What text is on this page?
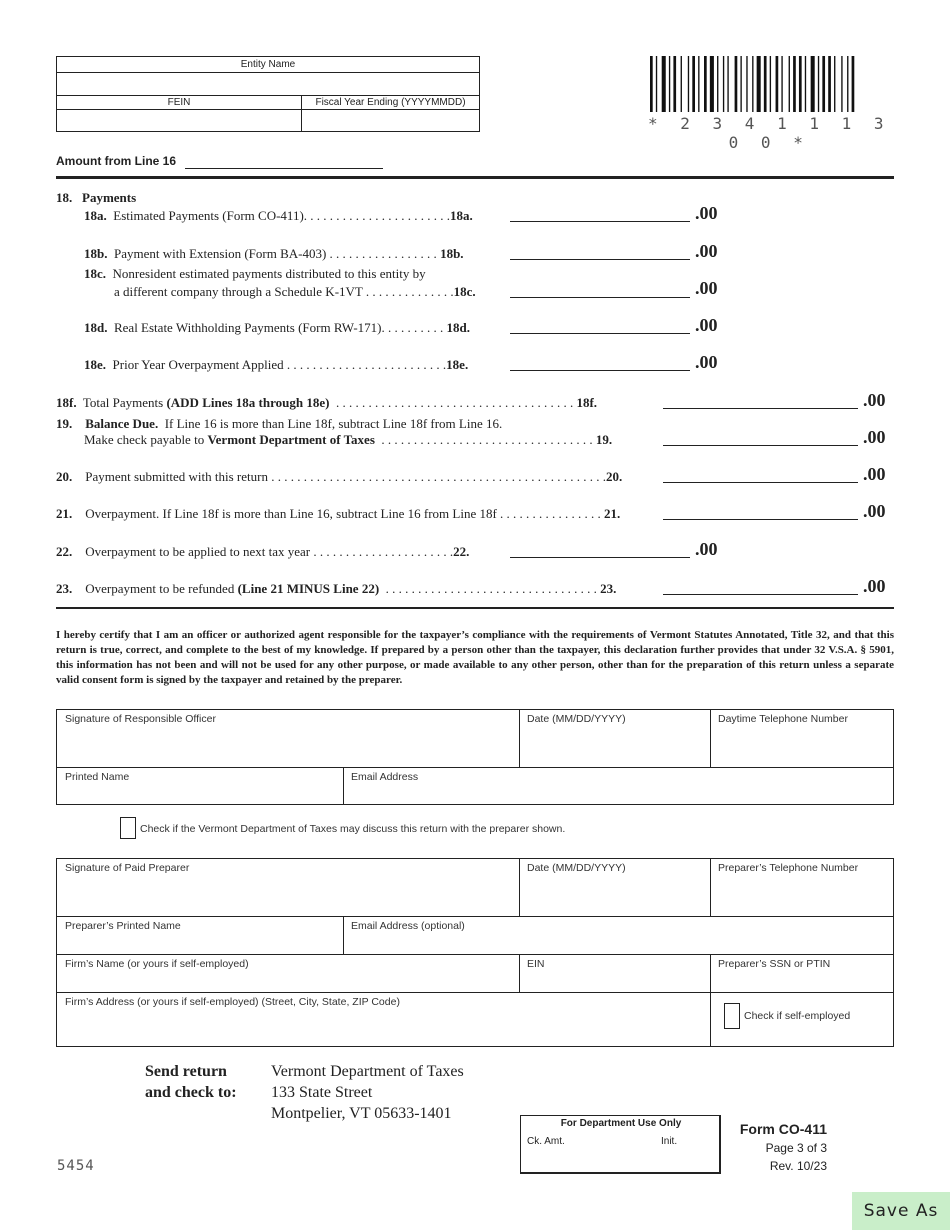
Entity Name
FEIN	Fiscal Year Ending (YYYYMMDD)
* 2 3 4 1 1 1 3 0 0 *
Amount from Line 16
18. Payments
18a. Estimated Payments (Form CO-411). . . . . . . . . . . . . . . . . . . . . . .18a.	.00
18b. Payment with Extension (Form BA-403) . . . . . . . . . . . . . . . . . 18b.	.00
18c. Nonresident estimated payments distributed to this entity by
a different company through a Schedule K-1VT . . . . . . . . . . . . . .18c.	.00
18d. Real Estate Withholding Payments (Form RW-171). . . . . . . . . . 18d.	.00
18e. Prior Year Overpayment Applied . . . . . . . . . . . . . . . . . . . . . . . . .18e.	.00
18f. Total Payments (ADD Lines 18a through 18e) . . . . . . . . . . . . . . . . . . . . . . . . . . . . . . . . . . . . . 18f.	.00
19. Balance Due. If Line 16 is more than Line 18f, subtract Line 18f from Line 16.
Make check payable to Vermont Department of Taxes . . . . . . . . . . . . . . . . . . . . . . . . . . . . . . . . . 19.	.00
20. Payment submitted with this return . . . . . . . . . . . . . . . . . . . . . . . . . . . . . . . . . . . . . . . . . . . . . . . . . . . .20.	.00
21. Overpayment. If Line 18f is more than Line 16, subtract Line 16 from Line 18f . . . . . . . . . . . . . . . . 21.	.00
22. Overpayment to be applied to next tax year . . . . . . . . . . . . . . . . . . . . . .22.	.00
23. Overpayment to be refunded (Line 21 MINUS Line 22) . . . . . . . . . . . . . . . . . . . . . . . . . . . . . . . . . 23.	.00
I hereby certify that I am an officer or authorized agent responsible for the taxpayer’s compliance with the requirements of Vermont Statutes Annotated, Title 32, and that this return is true, correct, and complete to the best of my knowledge. If prepared by a person other than the taxpayer, this declaration further provides that under 32 V.S.A. § 5901, this information has not been and will not be used for any other purpose, or made available to any other person, other than for the preparation of this return unless a separate valid consent form is signed by the taxpayer and retained by the preparer.
Signature of Responsible Officer	Date (MM/DD/YYYY)	Daytime Telephone Number
Printed Name	Email Address
Check if the Vermont Department of Taxes may discuss this return with the preparer shown.
Signature of Paid Preparer	Date (MM/DD/YYYY)	Preparer’s Telephone Number
Preparer’s Printed Name	Email Address (optional)
Firm’s Name (or yours if self-employed)	EIN	Preparer’s SSN or PTIN
Firm’s Address (or yours if self-employed) (Street, City, State, ZIP Code)
Check if self-employed
Send return
and check to:
Vermont Department of Taxes
133 State Street
Montpelier, VT 05633-1401
For Department Use Only
Ck. Amt.	Init.
Form CO-411
Page 3 of 3
Rev. 10/23
5454
Save As
